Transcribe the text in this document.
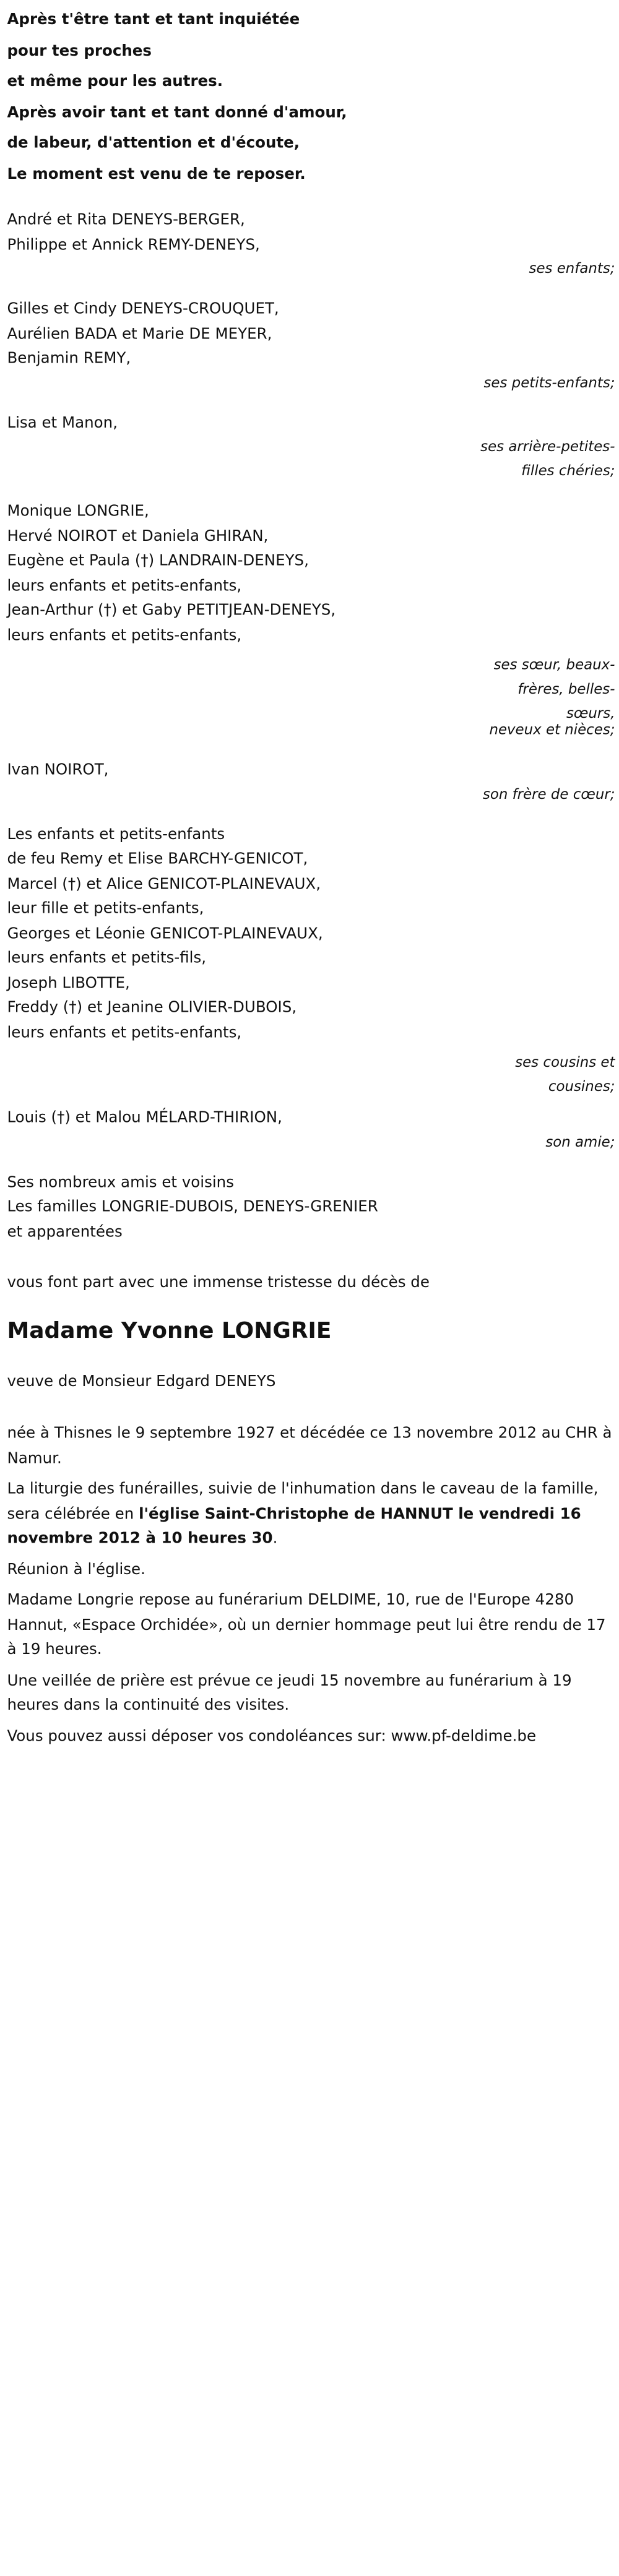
Après t'être tant et tant inquiétée
pour tes proches
et même pour les autres.
Après avoir tant et tant donné d'amour,
de labeur, d'attention et d'écoute,
Le moment est venu de te reposer.
André et Rita DENEYS-BERGER,
Philippe et Annick REMY-DENEYS,
ses enfants;
Gilles et Cindy DENEYS-CROUQUET,
Aurélien BADA et Marie DE MEYER,
Benjamin REMY,
ses petits-enfants;
Lisa et Manon,
ses arrière-petites-
filles chéries;
Monique LONGRIE,
Hervé NOIROT et Daniela GHIRAN,
Eugène et Paula (†) LANDRAIN-DENEYS,
leurs enfants et petits-enfants,
Jean-Arthur (†) et Gaby PETITJEAN-DENEYS,
leurs enfants et petits-enfants,
ses sœur, beaux-
frères, belles-
sœurs,
neveux et nièces;
Ivan NOIROT,
son frère de cœur;
Les enfants et petits-enfants
de feu Remy et Elise BARCHY-GENICOT,
Marcel (†) et Alice GENICOT-PLAINEVAUX,
leur fille et petits-enfants,
Georges et Léonie GENICOT-PLAINEVAUX,
leurs enfants et petits-fils,
Joseph LIBOTTE,
Freddy (†) et Jeanine OLIVIER-DUBOIS,
leurs enfants et petits-enfants,
ses cousins et
cousines;
Louis (†) et Malou MÉLARD-THIRION,
son amie;
Ses nombreux amis et voisins
Les familles LONGRIE-DUBOIS, DENEYS-GRENIER
et apparentées
vous font part avec une immense tristesse du décès de
Madame Yvonne LONGRIE
veuve de Monsieur Edgard DENEYS
née à Thisnes le 9 septembre 1927 et décédée ce 13 novembre 2012 au CHR à Namur.
La liturgie des funérailles, suivie de l'inhumation dans le caveau de la famille, sera célébrée en l'église Saint-Christophe de HANNUT le vendredi 16 novembre 2012 à 10 heures 30.
Réunion à l'église.
Madame Longrie repose au funérarium DELDIME, 10, rue de l'Europe 4280 Hannut, «Espace Orchidée», où un dernier hommage peut lui être rendu de 17 à 19 heures.
Une veillée de prière est prévue ce jeudi 15 novembre au funérarium à 19 heures dans la continuité des visites.
Vous pouvez aussi déposer vos condoléances sur: www.pf-deldime.be
